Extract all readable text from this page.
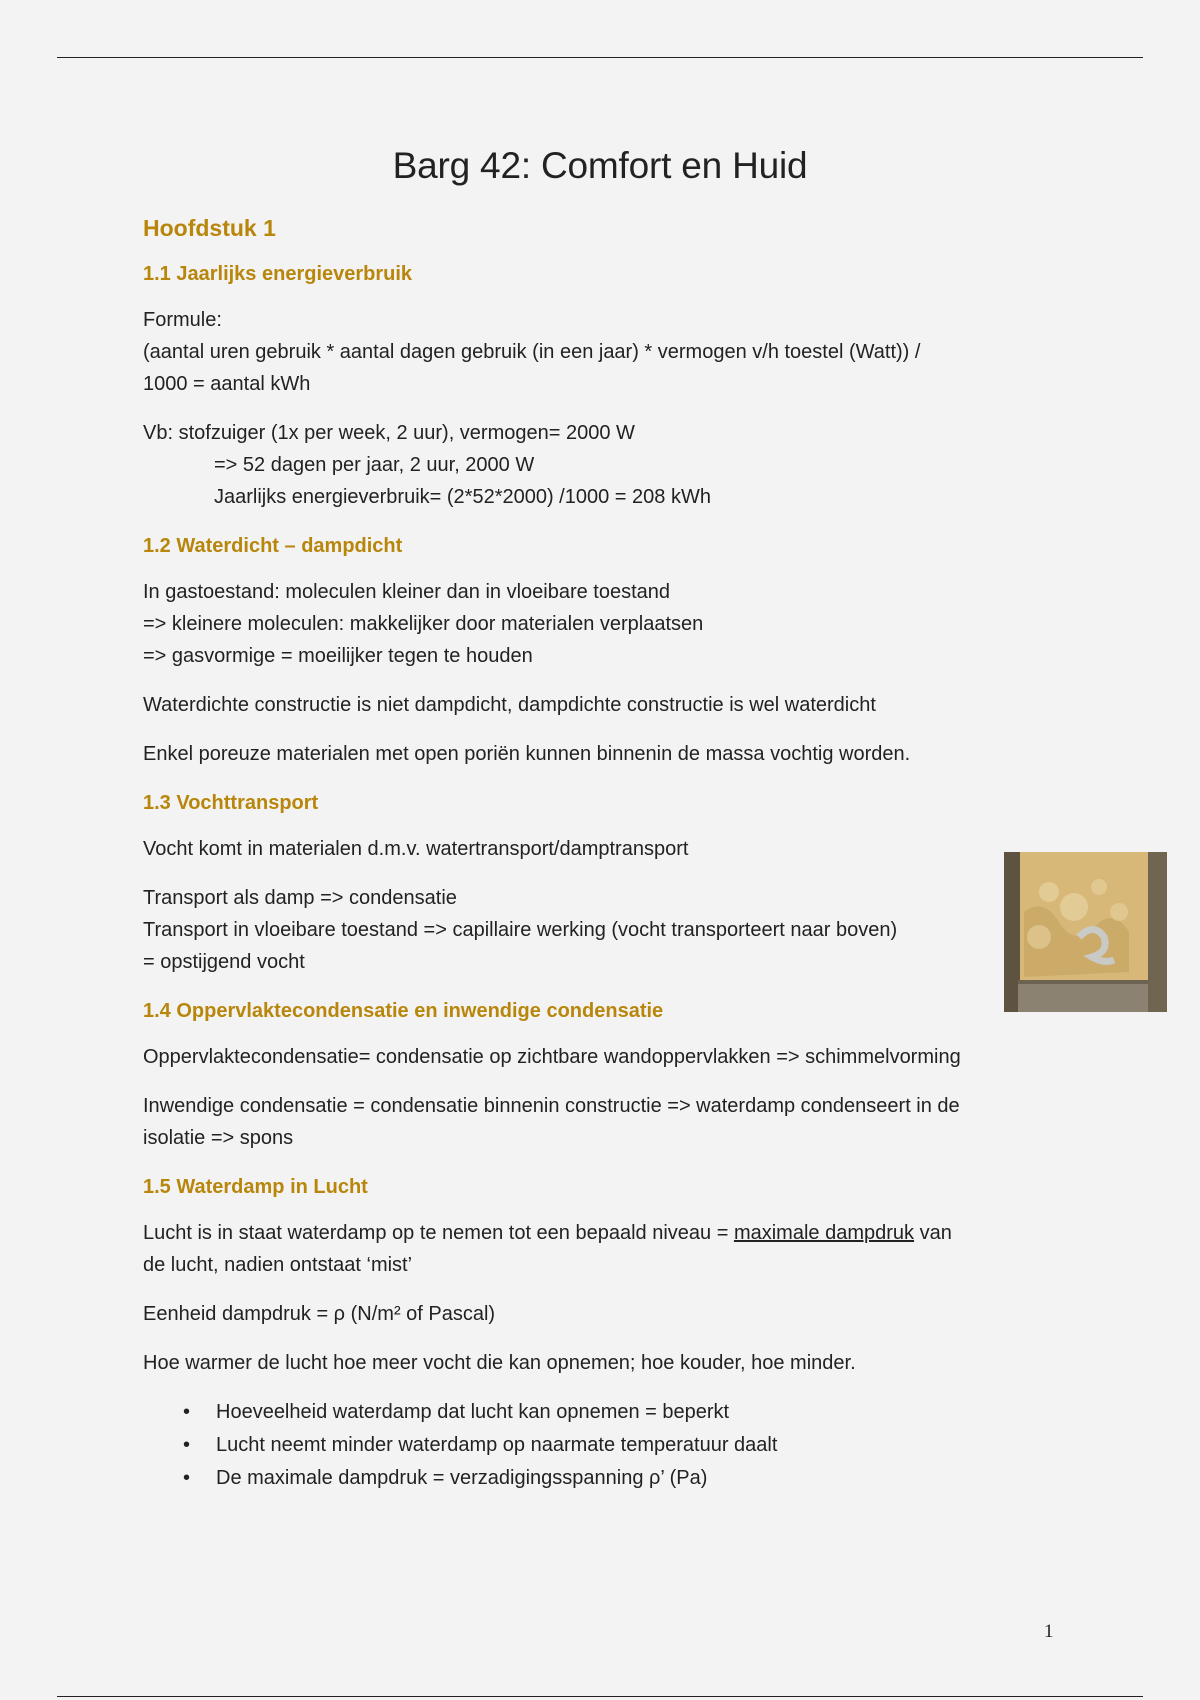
Barg 42: Comfort en Huid
Hoofdstuk 1
1.1 Jaarlijks energieverbruik

Formule:
(aantal uren gebruik * aantal dagen gebruik (in een jaar) * vermogen v/h toestel (Watt)) /
1000 = aantal kWh

Vb: stofzuiger (1x per week, 2 uur), vermogen= 2000 W
=> 52 dagen per jaar, 2 uur, 2000 W
Jaarlijks energieverbruik= (2*52*2000) /1000 = 208 kWh

1.2 Waterdicht – dampdicht

In gastoestand: moleculen kleiner dan in vloeibare toestand
=> kleinere moleculen: makkelijker door materialen verplaatsen
=> gasvormige = moeilijker tegen te houden

Waterdichte constructie is niet dampdicht, dampdichte constructie is wel waterdicht

Enkel poreuze materialen met open poriën kunnen binnenin de massa vochtig worden.

1.3 Vochttransport

Vocht komt in materialen d.m.v. watertransport/damptransport

Transport als damp => condensatie
Transport in vloeibare toestand => capillaire werking (vocht transporteert naar boven)
= opstijgend vocht

1.4 Oppervlaktecondensatie en inwendige condensatie

Oppervlaktecondensatie= condensatie op zichtbare wandoppervlakken => schimmelvorming

Inwendige condensatie = condensatie binnenin constructie => waterdamp condenseert in de
isolatie => spons

1.5 Waterdamp in Lucht

Lucht is in staat waterdamp op te nemen tot een bepaald niveau = maximale dampdruk van
de lucht, nadien ontstaat ‘mist’

Eenheid dampdruk = ρ (N/m² of Pascal)

Hoe warmer de lucht hoe meer vocht die kan opnemen; hoe kouder, hoe minder.

• Hoeveelheid waterdamp dat lucht kan opnemen = beperkt
• Lucht neemt minder waterdamp op naarmate temperatuur daalt
• De maximale dampdruk = verzadigingsspanning ρ’ (Pa)
1
